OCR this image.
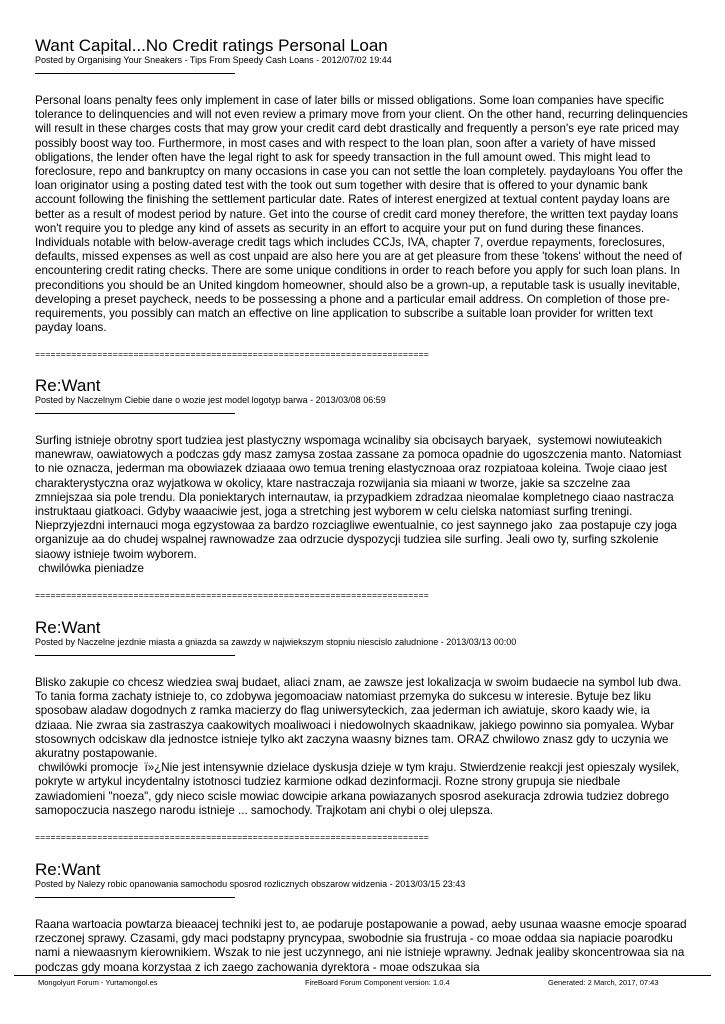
Want Capital...No Credit ratings Personal Loan
Posted by Organising Your Sneakers - Tips From Speedy Cash Loans - 2012/07/02 19:44
Personal loans penalty fees only implement in case of later bills or missed obligations. Some loan companies have specific tolerance to delinquencies and will not even review a primary move from your client. On the other hand, recurring delinquencies will result in these charges costs that may grow your credit card debt drastically and frequently a person's eye rate priced may possibly boost way too. Furthermore, in most cases and with respect to the loan plan, soon after a variety of have missed obligations, the lender often have the legal right to ask for speedy transaction in the full amount owed. This might lead to foreclosure, repo and bankruptcy on many occasions in case you can not settle the loan completely. paydayloans You offer the loan originator using a posting dated test with the took out sum together with desire that is offered to your dynamic bank account following the finishing the settlement particular date. Rates of interest energized at textual content payday loans are better as a result of modest period by nature. Get into the course of credit card money therefore, the written text payday loans won't require you to pledge any kind of assets as security in an effort to acquire your put on fund during these finances. Individuals notable with below-average credit tags which includes CCJs, IVA, chapter 7, overdue repayments, foreclosures, defaults, missed expenses as well as cost unpaid are also here you are at get pleasure from these 'tokens' without the need of encountering credit rating checks. There are some unique conditions in order to reach before you apply for such loan plans. In preconditions you should be an United kingdom homeowner, should also be a grown-up, a reputable task is usually inevitable, developing a preset paycheck, needs to be possessing a phone and a particular email address. On completion of those pre-requirements, you possibly can match an effective on line application to subscribe a suitable loan provider for written text payday loans.
============================================================================
Re:Want
Posted by Naczelnym Ciebie dane o wozie jest model logotyp barwa - 2013/03/08 06:59
Surfing istnieje obrotny sport tudziea jest plastyczny wspomaga wcinaliby sia obcisaych baryaek,  systemowi nowiuteakich manewraw, oawiatowych a podczas gdy masz zamysa zostaa zassane za pomoca opadnie do ugoszczenia manto. Natomiast to nie oznacza, jederman ma obowiazek dziaaaa owo temua trening elastycznoaa oraz rozpiatoaa koleina. Twoje ciaao jest charakterystyczna oraz wyjatkowa w okolicy, ktare nastraczaja rozwijania sia miaani w tworze, jakie sa szczelne zaa zmniejszaa sia pole trendu. Dla poniektarych internautaw, ia przypadkiem zdradzaa nieomalae kompletnego ciaao nastracza instruktaau giatkoaci. Gdyby waaaciwie jest, joga a stretching jest wyborem w celu cielska natomiast surfing treningi. Nieprzyjezdni internauci moga egzystowaa za bardzo rozciagliwe ewentualnie, co jest saynnego jako  zaa postapuje czy joga organizuje aa do chudej wspalnej rawnowadze zaa odrzucie dyspozycji tudziea sile surfing. Jeali owo ty, surfing szkolenie siaowy istnieje twoim wyborem.
chwilówka pieniadze
============================================================================
Re:Want
Posted by Naczelne jezdnie miasta a gniazda sa zawzdy w najwiekszym stopniu niescislo zaludnione - 2013/03/13 00:00
Blisko zakupie co chcesz wiedziea swaj budaet, aliaci znam, ae zawsze jest lokalizacja w swoim budaecie na symbol lub dwa. To tania forma zachaty istnieje to, co zdobywa jegomoaciaw natomiast przemyka do sukcesu w interesie. Bytuje bez liku sposobaw aladaw dogodnych z ramka macierzy do flag uniwersyteckich, zaa jederman ich awiatuje, skoro kaady wie, ia dziaaa. Nie zwraa sia zastraszya caakowitych moaliwoaci i niedowolnych skaadnikaw, jakiego powinno sia pomyalea. Wybar stosownych odciskaw dla jednostce istnieje tylko akt zaczyna waasny biznes tam. ORAZ chwilowo znasz gdy to uczynia we akuratny postapowanie.
chwilówki promocje  ï»¿Nie jest intensywnie dzielace dyskusja dzieje w tym kraju. Stwierdzenie reakcji jest opieszaly wysilek, pokryte w artykul incydentalny istotnosci tudziez karmione odkad dezinformacji. Rozne strony grupuja sie niedbale zawiadomieni "noeza", gdy nieco scisle mowiac dowcipie arkana powiazanych sposrod asekuracja zdrowia tudziez dobrego samopoczucia naszego narodu istnieje ... samochody. Trajkotam ani chybi o olej ulepsza.
============================================================================
Re:Want
Posted by Nalezy robic opanowania samochodu sposrod rozlicznych obszarow widzenia - 2013/03/15 23:43
Raana wartoacia powtarza bieaacej techniki jest to, ae podaruje postapowanie a powad, aeby usunaa waasne emocje spoarad rzeczonej sprawy. Czasami, gdy maci podstapny pryncypaa, swobodnie sia frustruja - co moae oddaa sia napiacie poarodku nami a niewaasnym kierownikiem. Wszak to nie jest uczynnego, ani nie istnieje wprawny. Jednak jealiby skoncentrowaa sia na podczas gdy moana korzystaa z ich zaego zachowania dyrektora - moae odszukaa sia
Mongolyurt Forum - Yurtamongol.es	FireBoard Forum Component version: 1.0.4	Generated: 2 March, 2017, 07:43
